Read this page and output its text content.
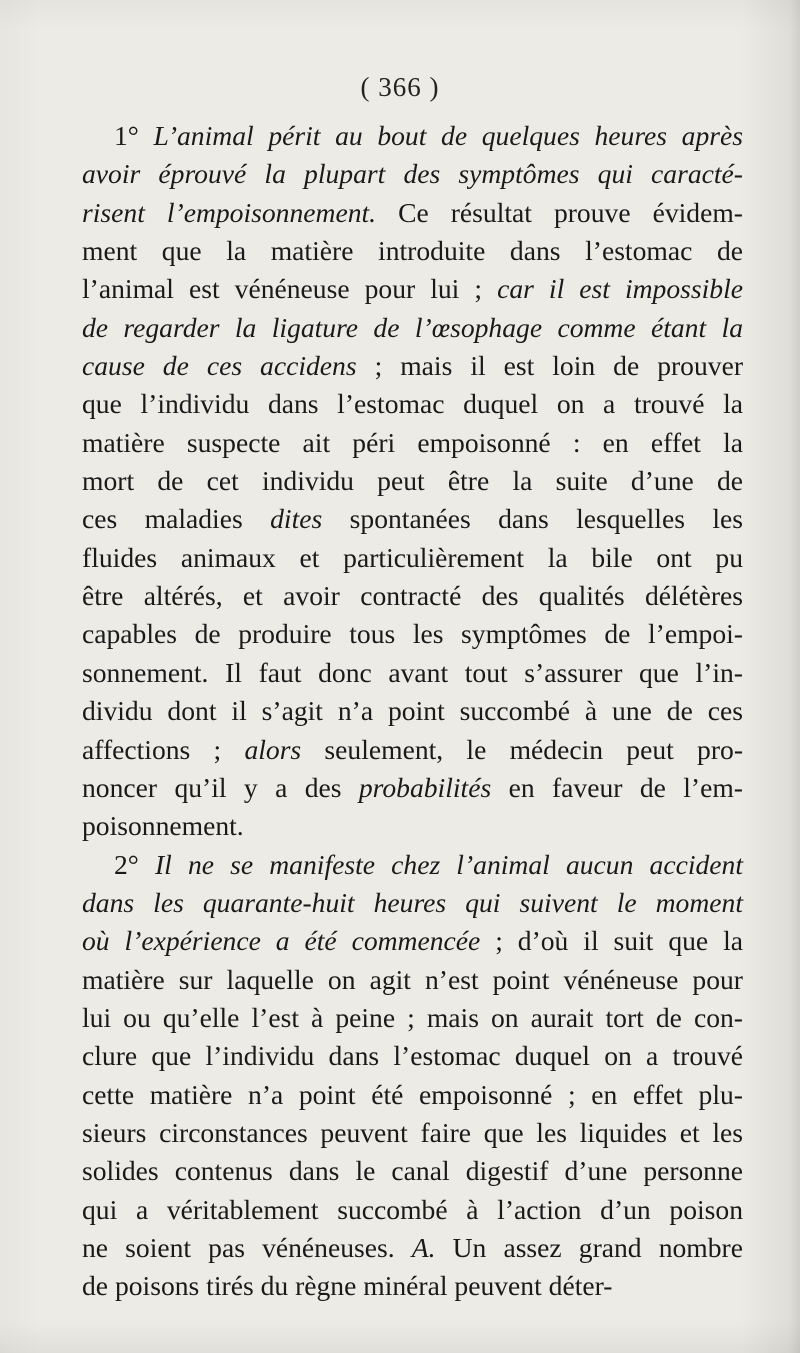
( 366 )
1° L’animal périt au bout de quelques heures après
avoir éprouvé la plupart des symptômes qui caracté-
risent l’empoisonnement. Ce résultat prouve évidem-
ment que la matière introduite dans l’estomac de
l’animal est vénéneuse pour lui ; car il est impossible
de regarder la ligature de l’œsophage comme étant la
cause de ces accidens ; mais il est loin de prouver
que l’individu dans l’estomac duquel on a trouvé la
matière suspecte ait péri empoisonné : en effet la
mort de cet individu peut être la suite d’une de
ces maladies dites spontanées dans lesquelles les
fluides animaux et particulièrement la bile ont pu
être altérés, et avoir contracté des qualités délétères
capables de produire tous les symptômes de l’empoi-
sonnement. Il faut donc avant tout s’assurer que l’in-
dividu dont il s’agit n’a point succombé à une de ces
affections ; alors seulement, le médecin peut pro-
noncer qu’il y a des probabilités en faveur de l’em-
poisonnement.
2° Il ne se manifeste chez l’animal aucun accident
dans les quarante-huit heures qui suivent le moment
où l’expérience a été commencée ; d’où il suit que la
matière sur laquelle on agit n’est point vénéneuse pour
lui ou qu’elle l’est à peine ; mais on aurait tort de con-
clure que l’individu dans l’estomac duquel on a trouvé
cette matière n’a point été empoisonné ; en effet plu-
sieurs circonstances peuvent faire que les liquides et les
solides contenus dans le canal digestif d’une personne
qui a véritablement succombé à l’action d’un poison
ne soient pas vénéneuses. A. Un assez grand nombre
de poisons tirés du règne minéral peuvent déter-
